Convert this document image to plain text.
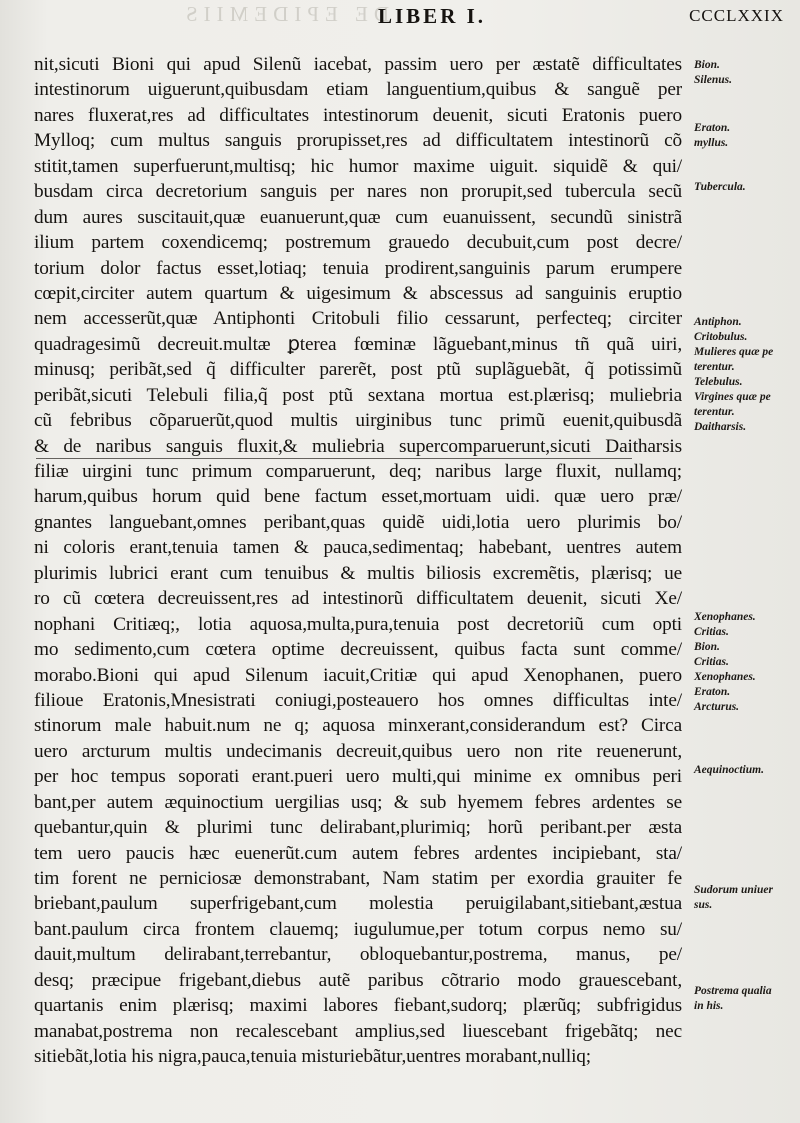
DE EPIDEMIIS
LIBER I.	CCCLXXIX
nit,sicuti Bioni qui apud Silenũ iacebat, passim uero per æstatẽ difficultates
intestinorum uiguerunt,quibusdam etiam languentium,quibus & sanguẽ per
nares fluxerat,res ad difficultates intestinorum deuenit, sicuti Eratonis puero
Mylloq; cum multus sanguis prorupisset,res ad difficultatem intestinorũ cõ
stitit,tamen superfuerunt,multisq; hic humor maxime uiguit. siquidẽ & qui/
busdam circa decretorium sanguis per nares non prorupit,sed tubercula secũ
dum aures suscitauit,quæ euanuerunt,quæ cum euanuissent, secundũ sinistrã
ilium partem coxendicemq; postremum grauedo decubuit,cum post decre/
torium dolor factus esset,lotiaq; tenuia prodirent,sanguinis parum erumpere
cœpit,circiter autem quartum & uigesimum & abscessus ad sanguinis eruptio
nem accesserũt,quæ Antiphonti Critobuli filio cessarunt, perfecteq; circiter
quadragesimũ decreuit.multæ ꝑterea fœminæ lãguebant,minus tñ quã uiri,
minusq; peribãt,sed q̃ difficulter parerẽt, post ptũ suplãguebãt, q̃ potissimũ
peribãt,sicuti Telebuli filia,q̃ post ptũ sextana mortua est.plærisq; muliebria
cũ febribus cõparuerũt,quod multis uirginibus tunc primũ euenit,quibusdã
& de naribus sanguis fluxit,& muliebria supercomparuerunt,sicuti Daitharsis
filiæ uirgini tunc primum comparuerunt, deq; naribus large fluxit, nullamq;
harum,quibus horum quid bene factum esset,mortuam uidi. quæ uero præ/
gnantes languebant,omnes peribant,quas quidẽ uidi,lotia uero plurimis bo/
ni coloris erant,tenuia tamen & pauca,sedimentaq; habebant, uentres autem
plurimis lubrici erant cum tenuibus & multis biliosis excremẽtis, plærisq; ue
ro cũ cœtera decreuissent,res ad intestinorũ difficultatem deuenit, sicuti Xe/
nophani Critiæq;, lotia aquosa,multa,pura,tenuia post decretoriũ cum opti
mo sedimento,cum cœtera optime decreuissent, quibus facta sunt comme/
morabo.Bioni qui apud Silenum iacuit,Critiæ qui apud Xenophanen, puero
filioue Eratonis,Mnesistrati coniugi,posteauero hos omnes difficultas inte/
stinorum male habuit.num ne q; aquosa minxerant,considerandum est? Circa
uero arcturum multis undecimanis decreuit,quibus uero non rite reuenerunt,
per hoc tempus soporati erant.pueri uero multi,qui minime ex omnibus peri
bant,per autem æquinoctium uergilias usq; & sub hyemem febres ardentes se
quebantur,quin & plurimi tunc delirabant,plurimiq; horũ peribant.per æsta
tem uero paucis hæc euenerũt.cum autem febres ardentes incipiebant, sta/
tim forent ne perniciosæ demonstrabant, Nam statim per exordia grauiter fe
briebant,paulum superfrigebant,cum molestia peruigilabant,sitiebant,æstua
bant.paulum circa frontem clauemq; iugulumue,per totum corpus nemo su/
dauit,multum delirabant,terrebantur, obloquebantur,postrema, manus, pe/
desq; præcipue frigebant,diebus autẽ paribus cõtrario modo grauescebant,
quartanis enim plærisq; maximi labores fiebant,sudorq; plærũq; subfrigidus
manabat,postrema non recalescebant amplius,sed liuescebant frigebãtq; nec
sitiebãt,lotia his nigra,pauca,tenuia misturiebãtur,uentres morabant,nulliq;
Bion.
Silenus.
Eraton.
myllus.
Tubercula.
Antiphon.
Critobulus.
Mulieres quæ pe
terentur.
Telebulus.
Virgines quæ pe
terentur.
Daitharsis.
Xenophanes.
Critias.
Bion.
Critias.
Xenophanes.
Eraton.
Arcturus.
Aequinoctium.
Sudorum uniuer
sus.
Postrema qualia
in his.
